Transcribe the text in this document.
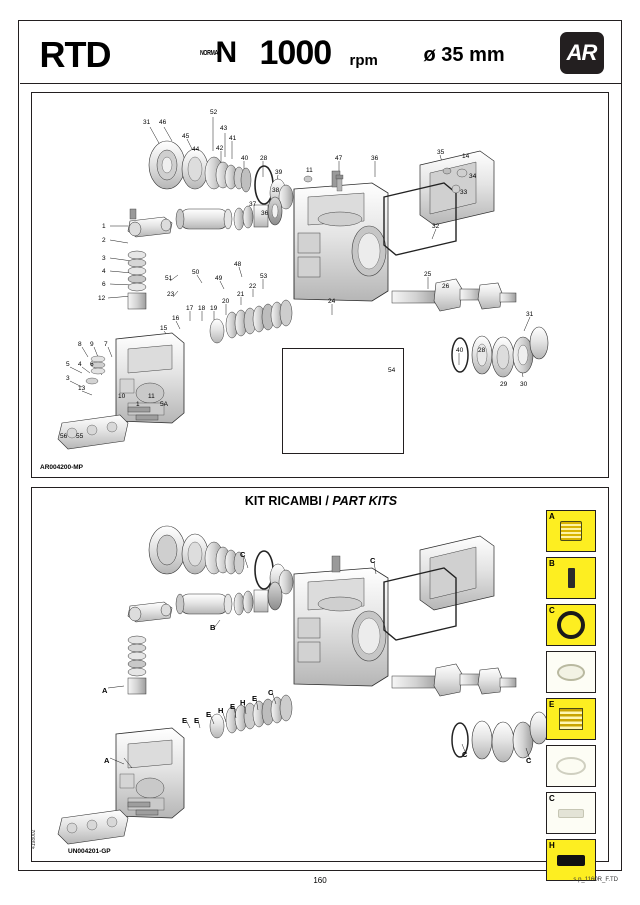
RTD	NORMA
N 1000 rpm ø 35 mm	AR
54
AR004200-MP
31 46
45
44
52
43
41
42
40 28
39
38
37
36
11
47	36
35
14
34
33
32
25
26
31
40 28
29 30
1
2
3
4
6
12
51
50
49
48
23
53
22
21
24
20
19
18
17
16
15
8 9 7
5 4 6
3
13
10
1
11
5A
56 55
KIT RICAMBI / PART KITS
A
A
B
C
C
C
C
E E
E H E H E
C
A
B
C
E
C
H
UN004201-GP
4198002
160	s.p_1160R_F.TD
